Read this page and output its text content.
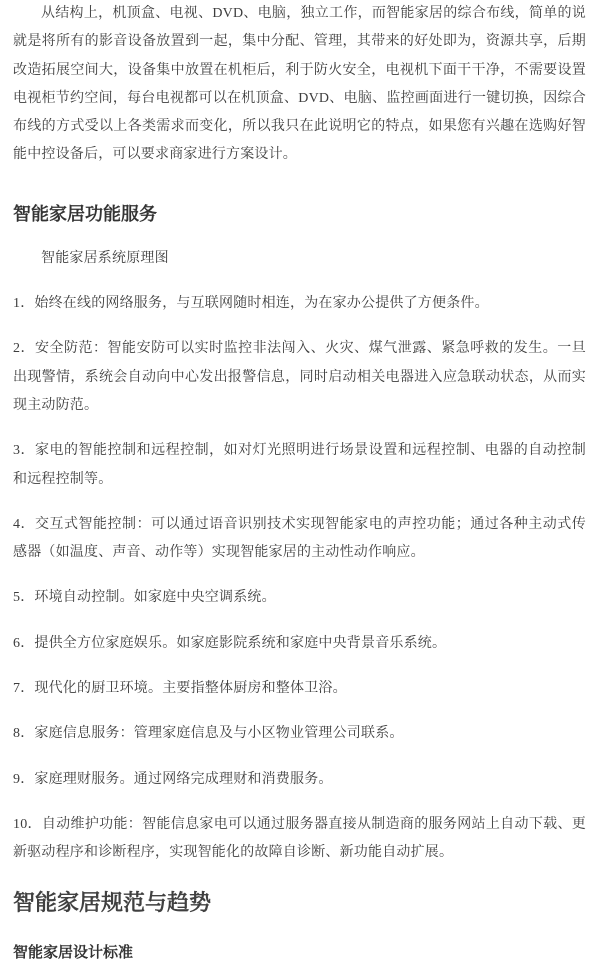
从结构上，机顶盒、电视、DVD、电脑，独立工作，而智能家居的综合布线，简单的说就是将所有的影音设备放置到一起，集中分配、管理，其带来的好处即为，资源共享，后期改造拓展空间大，设备集中放置在机柜后，利于防火安全，电视机下面干干净，不需要设置电视柜节约空间，每台电视都可以在机顶盒、DVD、电脑、监控画面进行一键切换，因综合布线的方式受以上各类需求而变化，所以我只在此说明它的特点，如果您有兴趣在选购好智能中控设备后，可以要求商家进行方案设计。

智能家居功能服务

智能家居系统原理图

1．始终在线的网络服务，与互联网随时相连，为在家办公提供了方便条件。

2．安全防范：智能安防可以实时监控非法闯入、火灾、煤气泄露、紧急呼救的发生。一旦出现警情，系统会自动向中心发出报警信息，同时启动相关电器进入应急联动状态，从而实现主动防范。

3．家电的智能控制和远程控制，如对灯光照明进行场景设置和远程控制、电器的自动控制和远程控制等。

4．交互式智能控制：可以通过语音识别技术实现智能家电的声控功能；通过各种主动式传感器（如温度、声音、动作等）实现智能家居的主动性动作响应。

5．环境自动控制。如家庭中央空调系统。

6．提供全方位家庭娱乐。如家庭影院系统和家庭中央背景音乐系统。

7．现代化的厨卫环境。主要指整体厨房和整体卫浴。

8．家庭信息服务：管理家庭信息及与小区物业管理公司联系。

9．家庭理财服务。通过网络完成理财和消费服务。

10．自动维护功能：智能信息家电可以通过服务器直接从制造商的服务网站上自动下载、更新驱动程序和诊断程序，实现智能化的故障自诊断、新功能自动扩展。

智能家居规范与趋势
智能家居设计标准
